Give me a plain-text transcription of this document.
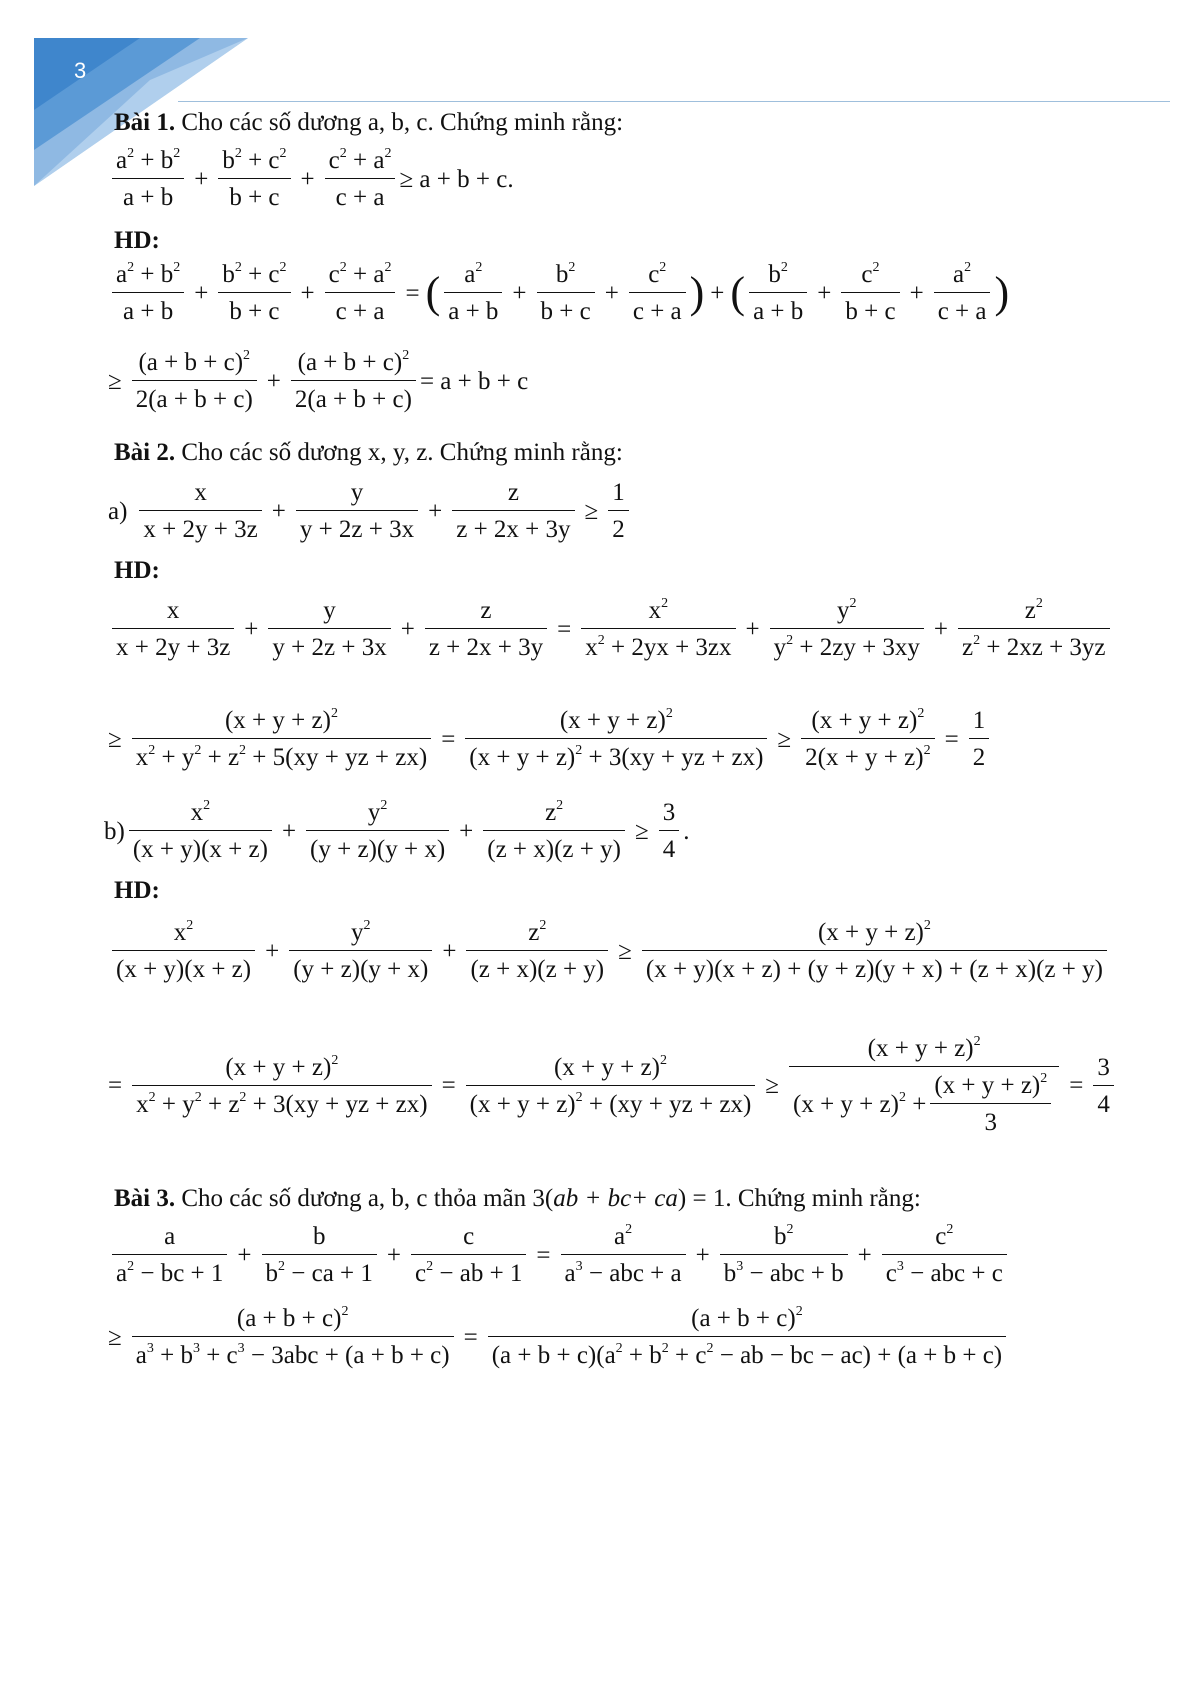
3
Bài 1. Cho các số dương a, b, c. Chứng minh rằng:
$\frac{a^2 + b^2}{a + b} + \frac{b^2 + c^2}{b + c} + \frac{c^2 + a^2}{c + a} \ge a + b + c$.
HD:
$\frac{a^2 + b^2}{a + b} + \frac{b^2 + c^2}{b + c} + \frac{c^2 + a^2}{c + a}$ = ( $\frac{a^2}{a + b} + \frac{b^2}{b + c} + \frac{c^2}{c + a}$ ) + ( $\frac{b^2}{a + b} + \frac{c^2}{b + c} + \frac{a^2}{c + a}$ )
≥ $\frac{(a + b + c)^2}{2(a + b + c)} + \frac{(a + b + c)^2}{2(a + b + c)} = a + b + c$
Bài 2. Cho các số dương x, y, z. Chứng minh rằng:
$a) \frac{x}{x + 2y + 3z} + \frac{y}{y + 2z + 3x} + \frac{z}{z + 2x + 3y} \ge \frac{1}{2}$
HD:
$\frac{x}{x + 2y + 3z} + \frac{y}{y + 2z + 3x} + \frac{z}{z + 2x + 3y} = \frac{x^2}{x^2 + 2yx + 3zx} + \frac{y^2}{y^2 + 2zy + 3xy} + \frac{z^2}{z^2 + 2xz + 3yz}$
≥ $\frac{(x + y + z)^2}{x^2 + y^2 + z^2 + 5(xy + yz + zx)} = \frac{(x + y + z)^2}{(x + y + z)^2 + 3(xy + yz + zx)} \ge \frac{(x + y + z)^2}{2(x + y + z)^2} = \frac{1}{2}$
$b) \frac{x^2}{(x + y)(x + z)} + \frac{y^2}{(y + z)(y + x)} + \frac{z^2}{(z + x)(z + y)} \ge \frac{3}{4}$ .
HD:
$\frac{x^2}{(x + y)(x + z)} + \frac{y^2}{(y + z)(y + x)} + \frac{z^2}{(z + x)(z + y)} \ge \frac{(x + y + z)^2}{(x + y)(x + z) + (y + z)(y + x) + (z + x)(z + y)}$
= $\frac{(x + y + z)^2}{x^2 + y^2 + z^2 + 3(xy + yz + zx)} = \frac{(x + y + z)^2}{(x + y + z)^2 + (xy + yz + zx)} \ge \frac{(x + y + z)^2}{(x + y + z)^2 + \frac{(x + y + z)^2}{3}} = \frac{3}{4}$
Bài 3. Cho các số dương a, b, c thỏa mãn 3(ab + bc+ ca) = 1. Chứng minh rằng:
$\frac{a}{a^2 - bc + 1} + \frac{b}{b^2 - ca + 1} + \frac{c}{c^2 - ab + 1} = \frac{a^2}{a^3 - abc + a} + \frac{b^2}{b^3 - abc + b} + \frac{c^2}{c^3 - abc + c}$
≥ $\frac{(a + b + c)^2}{a^3 + b^3 + c^3 - 3abc + (a + b + c)} = \frac{(a + b + c)^2}{(a + b + c)(a^2 + b^2 + c^2 - ab - bc - ac) + (a + b + c)}$
